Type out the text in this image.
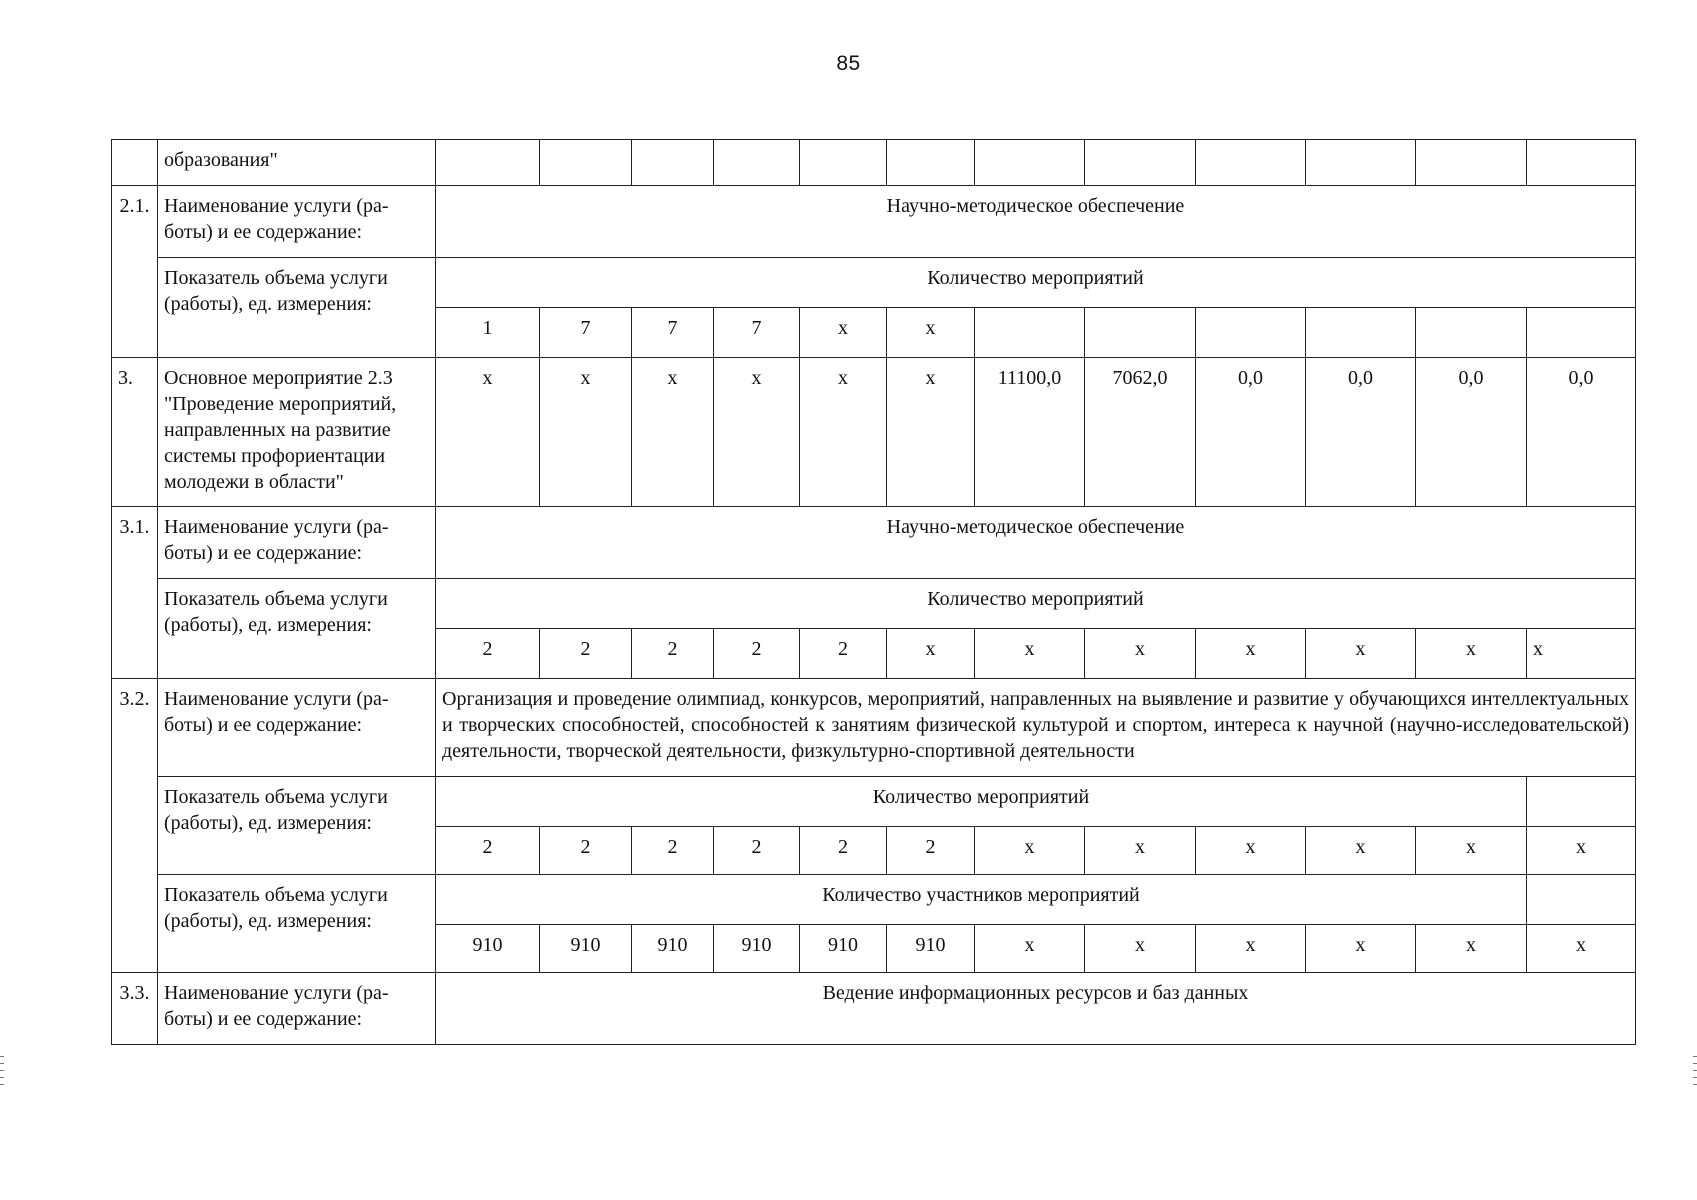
85
	образования"												
2.1.	Наименование услуги (ра-боты) и ее содержание:	Научно-методическое обеспечение											
	Показатель объема услуги (работы), ед. измерения:	Количество мероприятий											
		1	7	7	7	x	x						
3.	Основное мероприятие 2.3 "Проведение мероприятий, направленных на развитие системы профориентации молодежи в области"	x	x	x	x	x	x	11100,0	7062,0	0,0	0,0	0,0	0,0
3.1.	Наименование услуги (ра-боты) и ее содержание:	Научно-методическое обеспечение											
	Показатель объема услуги (работы), ед. измерения:	Количество мероприятий											
		2	2	2	2	2	x	x	x	x	x	x	x
3.2.	Наименование услуги (ра-боты) и ее содержание:	Организация и проведение олимпиад, конкурсов, мероприятий, направленных на выявление и развитие у обучающихся интеллектуальных и творческих способностей, способностей к занятиям физической культурой и спортом, интереса к научной (научно-исследовательской) деятельности, творческой деятельности, физкультурно-спортивной деятельности											
	Показатель объема услуги (работы), ед. измерения:	Количество мероприятий											
		2	2	2	2	2	2	x	x	x	x	x	x
	Показатель объема услуги (работы), ед. измерения:	Количество участников мероприятий											
		910	910	910	910	910	910	x	x	x	x	x	x
3.3.	Наименование услуги (ра-боты) и ее содержание:	Ведение информационных ресурсов и баз данных											
